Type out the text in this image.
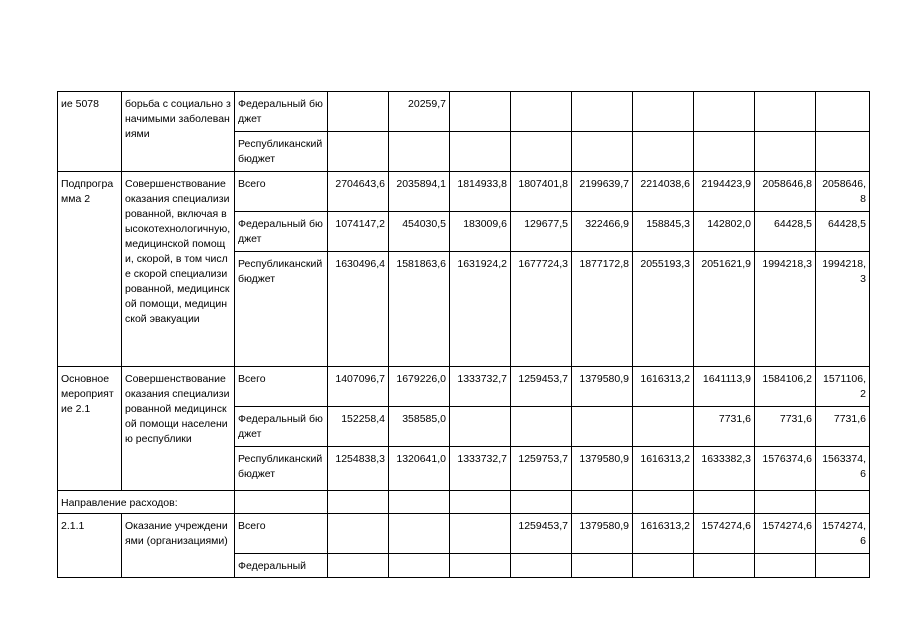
ие 5078	борьба с социально значимыми заболеваниями	Федеральный бюджет		20259,7							
		Республиканский бюджет									
Подпрограмма 2	Совершенствование оказания специализированной, включая высокотехнологичную, медицинской помощи, скорой, в том числе скорой специализированной, медицинской помощи, медицинской эвакуации	Всего	2704643,6	2035894,1	1814933,8	1807401,8	2199639,7	2214038,6	2194423,9	2058646,8	2058646,8
		Федеральный бюджет	1074147,2	454030,5	183009,6	129677,5	322466,9	158845,3	142802,0	64428,5	64428,5
		Республиканский бюджет	1630496,4	1581863,6	1631924,2	1677724,3	1877172,8	2055193,3	2051621,9	1994218,3	1994218,3
Основное мероприятие 2.1	Совершенствование оказания специализированной медицинской помощи населению республики	Всего	1407096,7	1679226,0	1333732,7	1259453,7	1379580,9	1616313,2	1641113,9	1584106,2	1571106,2
		Федеральный бюджет	152258,4	358585,0					7731,6	7731,6	7731,6
		Республиканский бюджет	1254838,3	1320641,0	1333732,7	1259753,7	1379580,9	1616313,2	1633382,3	1576374,6	1563374,6
Направление расходов:											
2.1.1	Оказание учреждениями (организациями)	Всего				1259453,7	1379580,9	1616313,2	1574274,6	1574274,6	1574274,6
		Федеральный									
